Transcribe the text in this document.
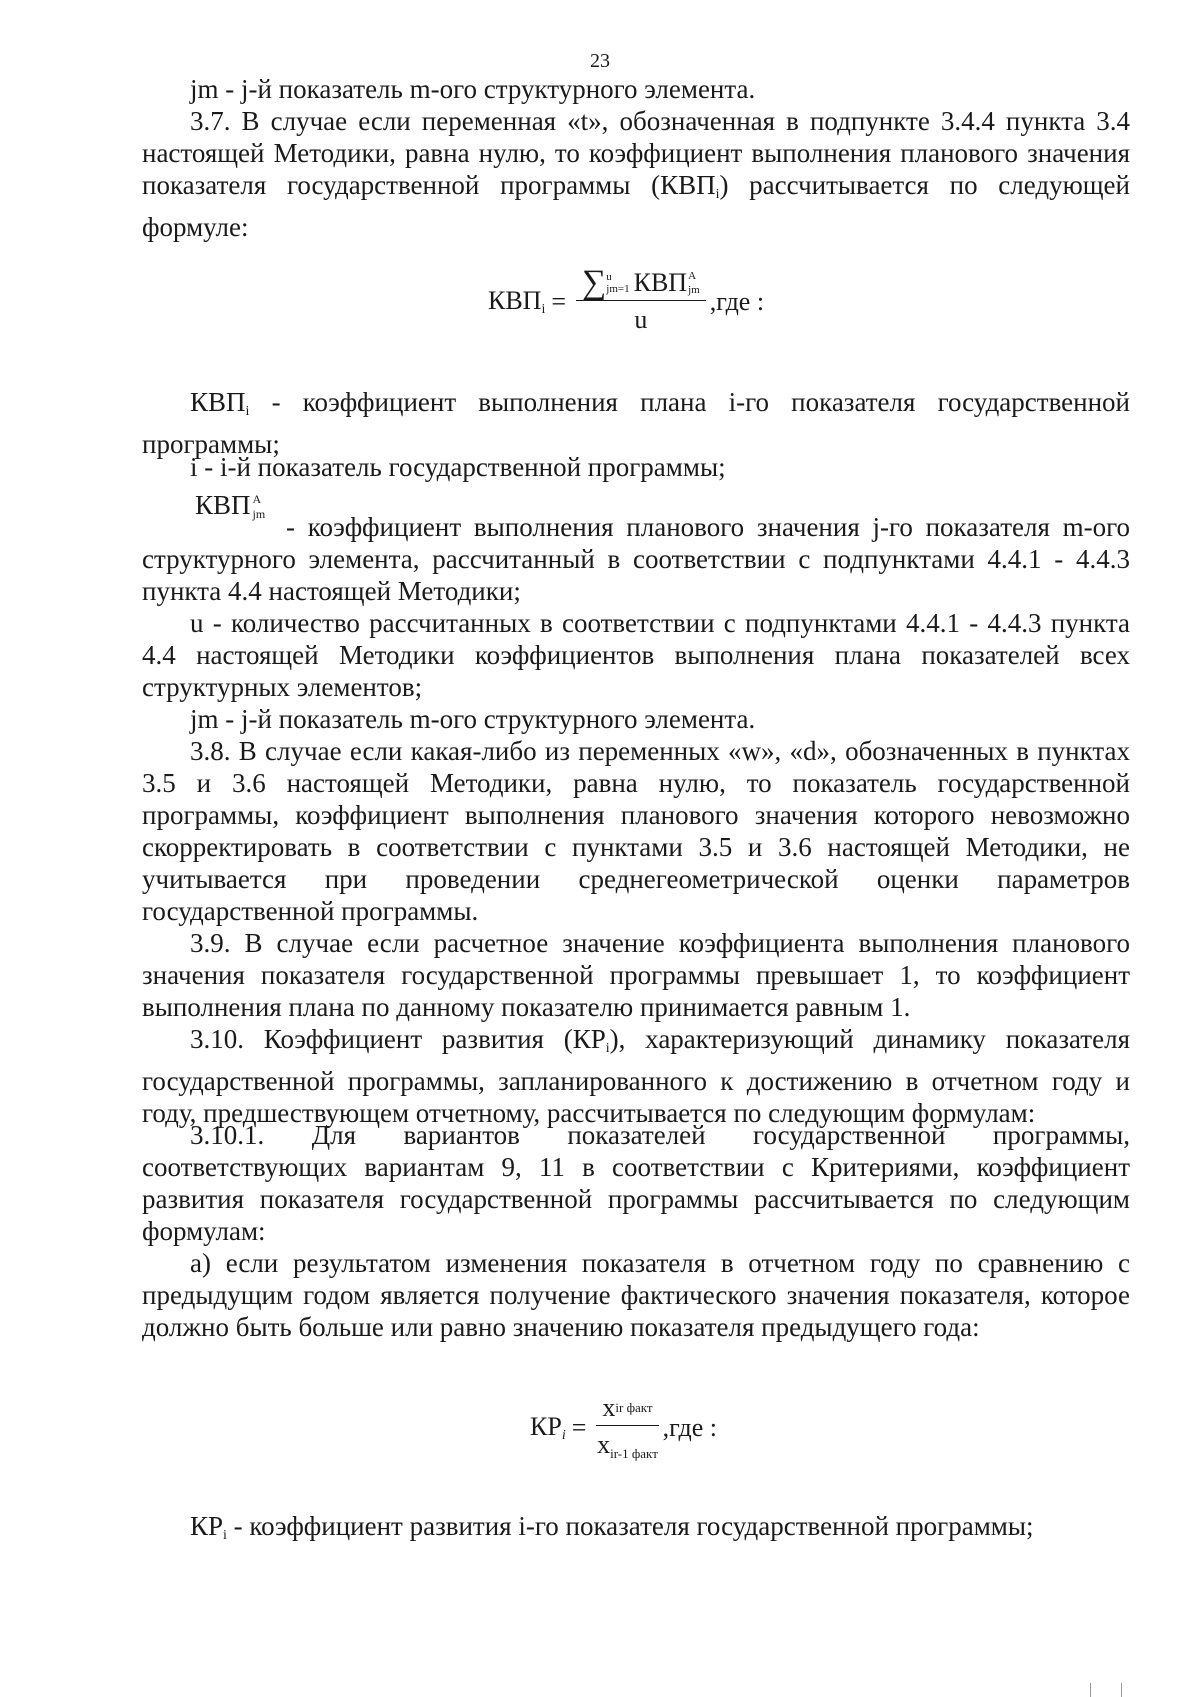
23

jm - j-й показатель m-ого структурного элемента.

3.7. В случае если переменная «t», обозначенная в подпункте 3.4.4 пункта 3.4 настоящей Методики, равна нулю, то коэффициент выполнения планового значения показателя государственной программы $(КВП_i)$ рассчитывается по следующей формуле:

$КВП_i$ = ∑ u
jm=1 КВП A
jm
u
,где :

$КВП_i$ - коэффициент выполнения плана i-го показателя государственной программы;

i - i-й показатель государственной программы;

КВП A
jm - коэффициент выполнения планового значения j-го показателя m-ого структурного элемента, рассчитанный в соответствии с подпунктами 4.4.1 - 4.4.3 пункта 4.4 настоящей Методики;

u - количество рассчитанных в соответствии с подпунктами 4.4.1 - 4.4.3 пункта 4.4 настоящей Методики коэффициентов выполнения плана показателей всех структурных элементов;

jm - j-й показатель m-ого структурного элемента.

3.8. В случае если какая-либо из переменных «w», «d», обозначенных в пунктах 3.5 и 3.6 настоящей Методики, равна нулю, то показатель государственной программы, коэффициент выполнения планового значения которого невозможно скорректировать в соответствии с пунктами 3.5 и 3.6 настоящей Методики, не учитывается при проведении среднегеометрической оценки параметров государственной программы.

3.9. В случае если расчетное значение коэффициента выполнения планового значения показателя государственной программы превышает 1, то коэффициент выполнения плана по данному показателю принимается равным 1.

3.10. Коэффициент развития $(КР_i)$, характеризующий динамику показателя государственной программы, запланированного к достижению в отчетном году и году, предшествующем отчетному, рассчитывается по следующим формулам:

3.10.1. Для вариантов показателей государственной программы, соответствующих вариантам 9, 11 в соответствии с Критериями, коэффициент развития показателя государственной программы рассчитывается по следующим формулам:

а) если результатом изменения показателя в отчетном году по сравнению с предыдущим годом является получение фактического значения показателя, которое должно быть больше или равно значению показателя предыдущего года:

$КР_i = \frac{\text{x ir факт}}{\text{xir-1 факт}} ,где$ :

$КР_i$ - коэффициент развития i-го показателя государственной программы;
